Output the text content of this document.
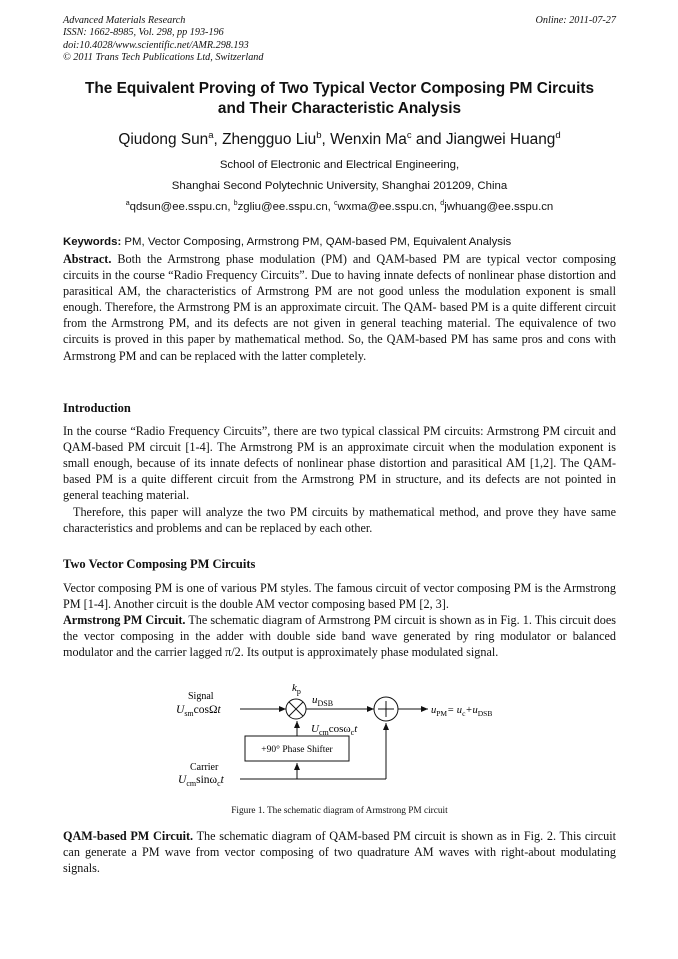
Advanced Materials Research
ISSN: 1662-8985, Vol. 298, pp 193-196
doi:10.4028/www.scientific.net/AMR.298.193
© 2011 Trans Tech Publications Ltd, Switzerland
Online: 2011-07-27
The Equivalent Proving of Two Typical Vector Composing PM Circuits
and Their Characteristic Analysis
Qiudong Sun$^a$, Zhengguo Liu$^b$, Wenxin Ma$^c$ and Jiangwei Huang$^d$
School of Electronic and Electrical Engineering,
Shanghai Second Polytechnic University, Shanghai 201209, China
$^a$qdsun@ee.sspu.cn, $^b$zgliu@ee.sspu.cn, $^c$wxma@ee.sspu.cn, $^d$jwhuang@ee.sspu.cn
Keywords: PM, Vector Composing, Armstrong PM, QAM-based PM, Equivalent Analysis
Abstract. Both the Armstrong phase modulation (PM) and QAM-based PM are typical vector composing circuits in the course “Radio Frequency Circuits”. Due to having innate defects of nonlinear phase distortion and parasitical AM, the characteristics of Armstrong PM are not good unless the modulation exponent is small enough. Therefore, the Armstrong PM is an approximate circuit. The QAM- based PM is a quite different circuit from the Armstrong PM, and its defects are not given in general teaching material. The equivalence of two circuits is proved in this paper by mathematical method. So, the QAM-based PM has same pros and cons with Armstrong PM and can be replaced with the latter completely.
Introduction
In the course “Radio Frequency Circuits”, there are two typical classical PM circuits: Armstrong PM circuit and QAM-based PM circuit [1-4]. The Armstrong PM is an approximate circuit when the modulation exponent is small enough, because of its innate defects of nonlinear phase distortion and parasitical AM [1,2]. The QAM-based PM is a quite different circuit from the Armstrong PM in structure, and its defects are not pointed in general teaching material.
Therefore, this paper will analyze the two PM circuits by mathematical method, and prove they have same characteristics and problems and can be replaced by each other.
Two Vector Composing PM Circuits
Vector composing PM is one of various PM styles. The famous circuit of vector composing PM is the Armstrong PM [1-4]. Another circuit is the double AM vector composing based PM [2, 3].
Armstrong PM Circuit. The schematic diagram of Armstrong PM circuit is shown as in Fig. 1. This circuit does the vector composing in the adder with double side band wave generated by ring modulator or balanced modulator and the carrier lagged π/2. Its output is approximately phase modulated signal.
Signal
$U_{sm}\cos\Omega t$
$k_p$
$u_{DSB}$
$U_{cm}\cos\omega_ct$
+90° Phase Shifter
Carrier
$U_{cm}\sin\omega_ct$
$u_{PM}= u_c+u_{DSB}$
Figure 1. The schematic diagram of Armstrong PM circuit
QAM-based PM Circuit. The schematic diagram of QAM-based PM circuit is shown as in Fig. 2. This circuit can generate a PM wave from vector composing of two quadrature AM waves with right-about modulating signals.
